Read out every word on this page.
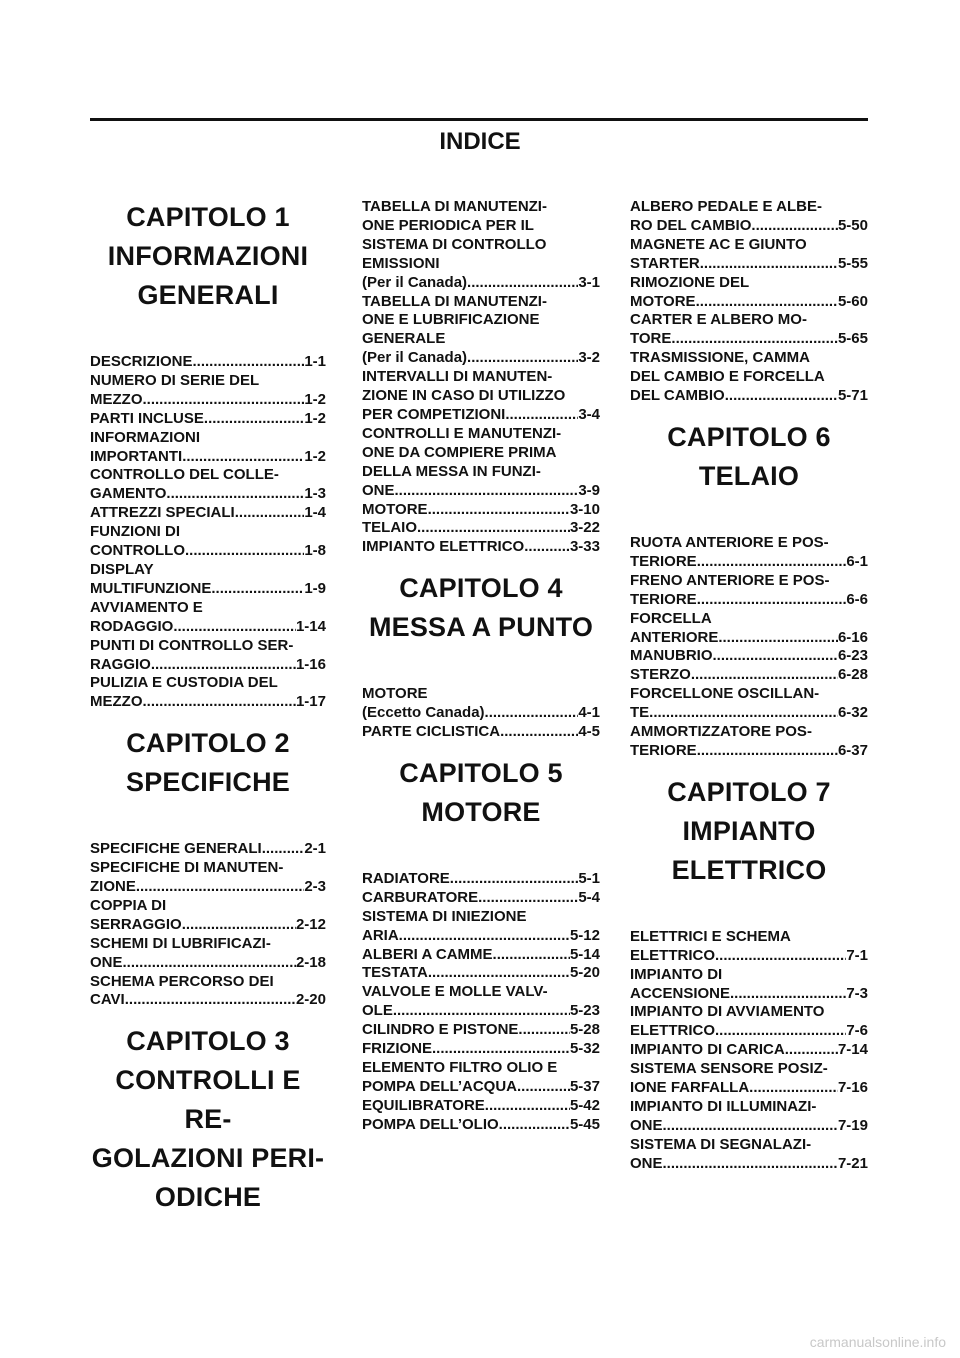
INDICE
CAPITOLO 1
INFORMAZIONI
GENERALI
DESCRIZIONE .....	1-1
NUMERO DI SERIE DEL
MEZZO .....	1-2
PARTI INCLUSE .....	1-2
INFORMAZIONI
IMPORTANTI .....	1-2
CONTROLLO DEL COLLE-
GAMENTO .....	1-3
ATTREZZI SPECIALI .....	1-4
FUNZIONI DI
CONTROLLO .....	1-8
DISPLAY
MULTIFUNZIONE .....	1-9
AVVIAMENTO E
RODAGGIO .....	1-14
PUNTI DI CONTROLLO SER-
RAGGIO .....	1-16
PULIZIA E CUSTODIA DEL
MEZZO .....	1-17
CAPITOLO 2
SPECIFICHE
SPECIFICHE GENERALI .....	2-1
SPECIFICHE DI MANUTEN-
ZIONE .....	2-3
COPPIA DI
SERRAGGIO .....	2-12
SCHEMI DI LUBRIFICAZI-
ONE .....	2-18
SCHEMA PERCORSO DEI
CAVI .....	2-20
CAPITOLO 3
CONTROLLI E RE-
GOLAZIONI PERI-
ODICHE
TABELLA DI MANUTENZI-
ONE PERIODICA PER IL
SISTEMA DI CONTROLLO
EMISSIONI
(Per il Canada) .....	3-1
TABELLA DI MANUTENZI-
ONE E LUBRIFICAZIONE
GENERALE
(Per il Canada) .....	3-2
INTERVALLI DI MANUTEN-
ZIONE IN CASO DI UTILIZZO
PER COMPETIZIONI .....	3-4
CONTROLLI E MANUTENZI-
ONE DA COMPIERE PRIMA
DELLA MESSA IN FUNZI-
ONE .....	3-9
MOTORE .....	3-10
TELAIO .....	3-22
IMPIANTO ELETTRICO .....	3-33
CAPITOLO 4
MESSA A PUNTO
MOTORE
(Eccetto Canada) .....	4-1
PARTE CICLISTICA .....	4-5
CAPITOLO 5
MOTORE
RADIATORE .....	5-1
CARBURATORE .....	5-4
SISTEMA DI INIEZIONE
ARIA .....	5-12
ALBERI A CAMME .....	5-14
TESTATA .....	5-20
VALVOLE E MOLLE VALV-
OLE .....	5-23
CILINDRO E PISTONE .....	5-28
FRIZIONE .....	5-32
ELEMENTO FILTRO OLIO E
POMPA DELL’ACQUA .....	5-37
EQUILIBRATORE .....	5-42
POMPA DELL’OLIO .....	5-45
ALBERO PEDALE E ALBE-
RO DEL CAMBIO .....	5-50
MAGNETE AC E GIUNTO
STARTER .....	5-55
RIMOZIONE DEL
MOTORE .....	5-60
CARTER E ALBERO MO-
TORE .....	5-65
TRASMISSIONE, CAMMA
DEL CAMBIO E FORCELLA
DEL CAMBIO .....	5-71
CAPITOLO 6
TELAIO
RUOTA ANTERIORE E POS-
TERIORE .....	6-1
FRENO ANTERIORE E POS-
TERIORE .....	6-6
FORCELLA
ANTERIORE .....	6-16
MANUBRIO .....	6-23
STERZO .....	6-28
FORCELLONE OSCILLAN-
TE .....	6-32
AMMORTIZZATORE POS-
TERIORE .....	6-37
CAPITOLO 7
IMPIANTO
ELETTRICO
ELETTRICI E SCHEMA
ELETTRICO .....	7-1
IMPIANTO DI
ACCENSIONE .....	7-3
IMPIANTO DI AVVIAMENTO
ELETTRICO .....	7-6
IMPIANTO DI CARICA .....	7-14
SISTEMA SENSORE POSIZ-
IONE FARFALLA .....	7-16
IMPIANTO DI ILLUMINAZI-
ONE .....	7-19
SISTEMA DI SEGNALAZI-
ONE .....	7-21
carmanualsonline.info
